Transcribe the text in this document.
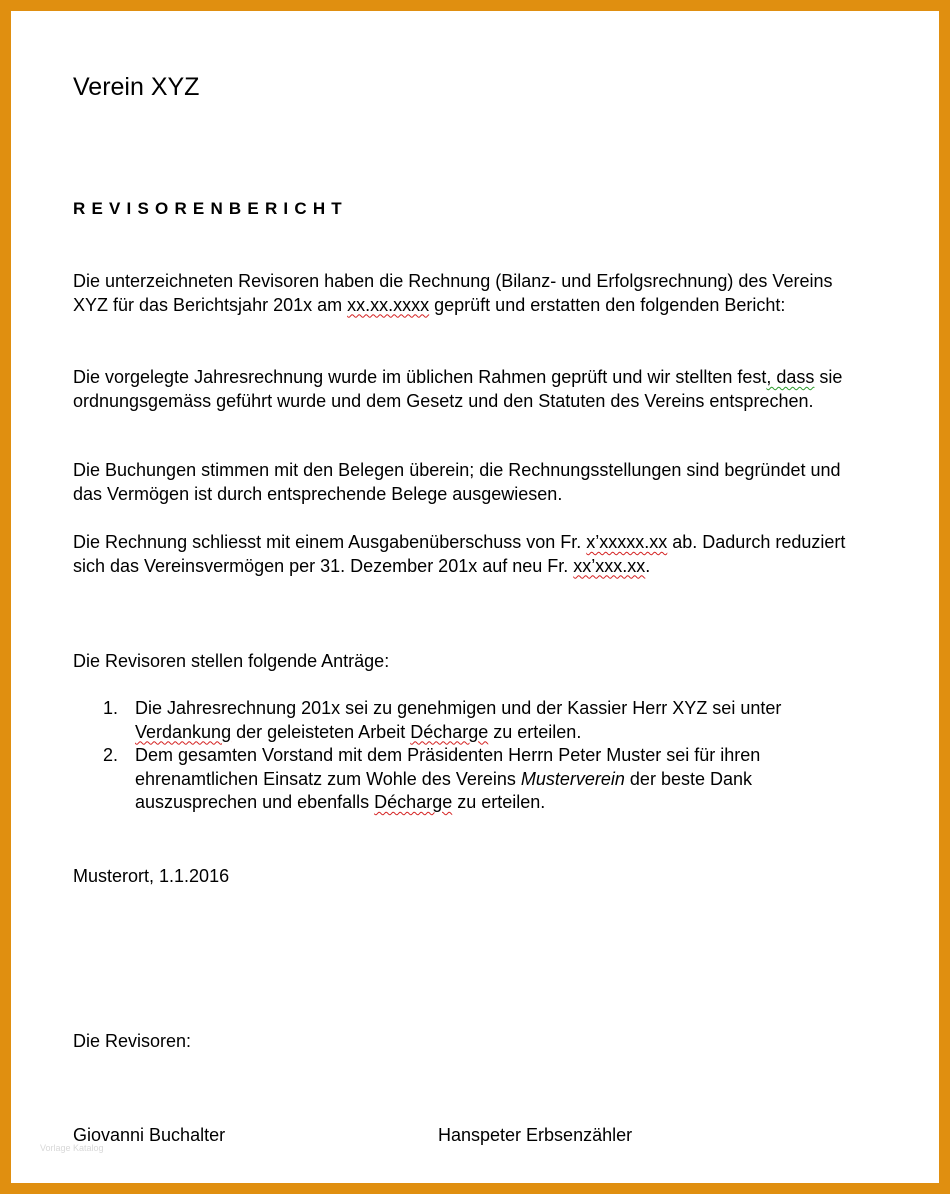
Verein XYZ
REVISORENBERICHT

Die unterzeichneten Revisoren haben die Rechnung (Bilanz- und Erfolgsrechnung) des Vereins XYZ für das Berichtsjahr 201x am xx.xx.xxxx geprüft und erstatten den folgenden Bericht:

Die vorgelegte Jahresrechnung wurde im üblichen Rahmen geprüft und wir stellten fest, dass sie ordnungsgemäss geführt wurde und dem Gesetz und den Statuten des Vereins entsprechen.

Die Buchungen stimmen mit den Belegen überein; die Rechnungsstellungen sind begründet und das Vermögen ist durch entsprechende Belege ausgewiesen.

Die Rechnung schliesst mit einem Ausgabenüberschuss von Fr. x’xxxxx.xx ab. Dadurch reduziert sich das Vereinsvermögen per 31. Dezember 201x auf neu Fr. xx’xxx.xx.

Die Revisoren stellen folgende Anträge:

1. Die Jahresrechnung 201x sei zu genehmigen und der Kassier Herr XYZ sei unter Verdankung der geleisteten Arbeit Décharge zu erteilen.
2. Dem gesamten Vorstand mit dem Präsidenten Herrn Peter Muster sei für ihren ehrenamtlichen Einsatz zum Wohle des Vereins Musterverein der beste Dank auszusprechen und ebenfalls Décharge zu erteilen.

Musterort, 1.1.2016

Die Revisoren:

Giovanni Buchalter	Hanspeter Erbsenzähler

Vorlage Katalog
